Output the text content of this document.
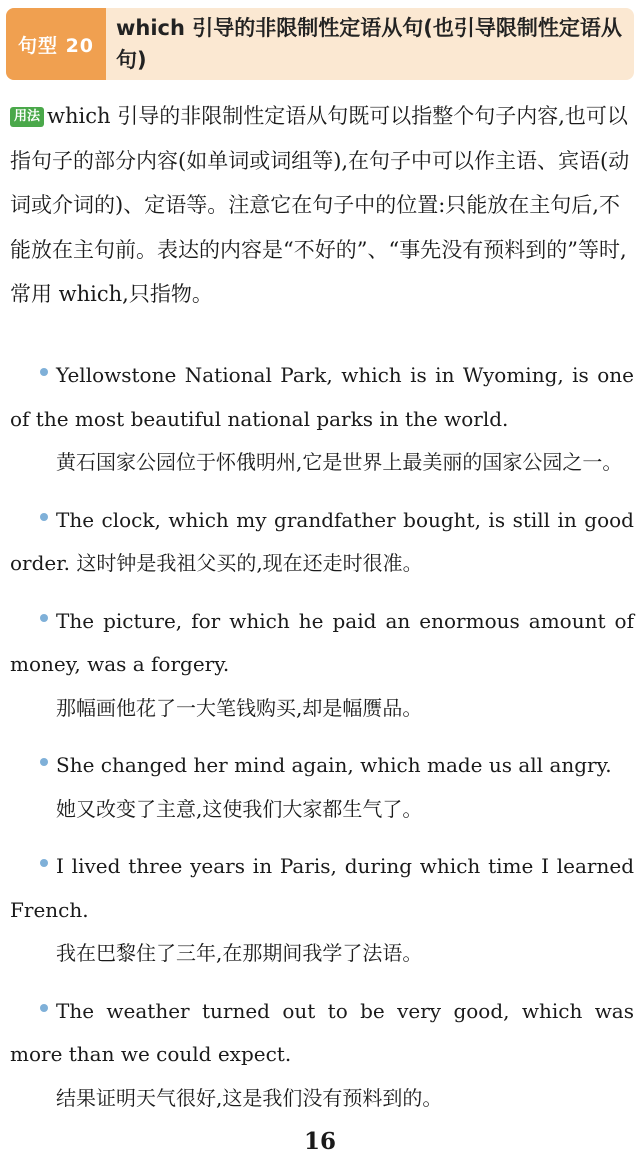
句型 20
which 引导的非限制性定语从句(也引导限制性定语从句)
用法 which 引导的非限制性定语从句既可以指整个句子内容,也可以指句子的部分内容(如单词或词组等),在句子中可以作主语、宾语(动词或介词的)、定语等。注意它在句子中的位置:只能放在主句后,不能放在主句前。表达的内容是“不好的”、“事先没有预料到的”等时,常用 which,只指物。
Yellowstone National Park, which is in Wyoming, is one of the most beautiful national parks in the world.
黄石国家公园位于怀俄明州,它是世界上最美丽的国家公园之一。
The clock, which my grandfather bought, is still in good order. 这时钟是我祖父买的,现在还走时很准。
The picture, for which he paid an enormous amount of money, was a forgery.
那幅画他花了一大笔钱购买,却是幅赝品。
She changed her mind again, which made us all angry.
她又改变了主意,这使我们大家都生气了。
I lived three years in Paris, during which time I learned French.
我在巴黎住了三年,在那期间我学了法语。
The weather turned out to be very good, which was more than we could expect.
结果证明天气很好,这是我们没有预料到的。
16
